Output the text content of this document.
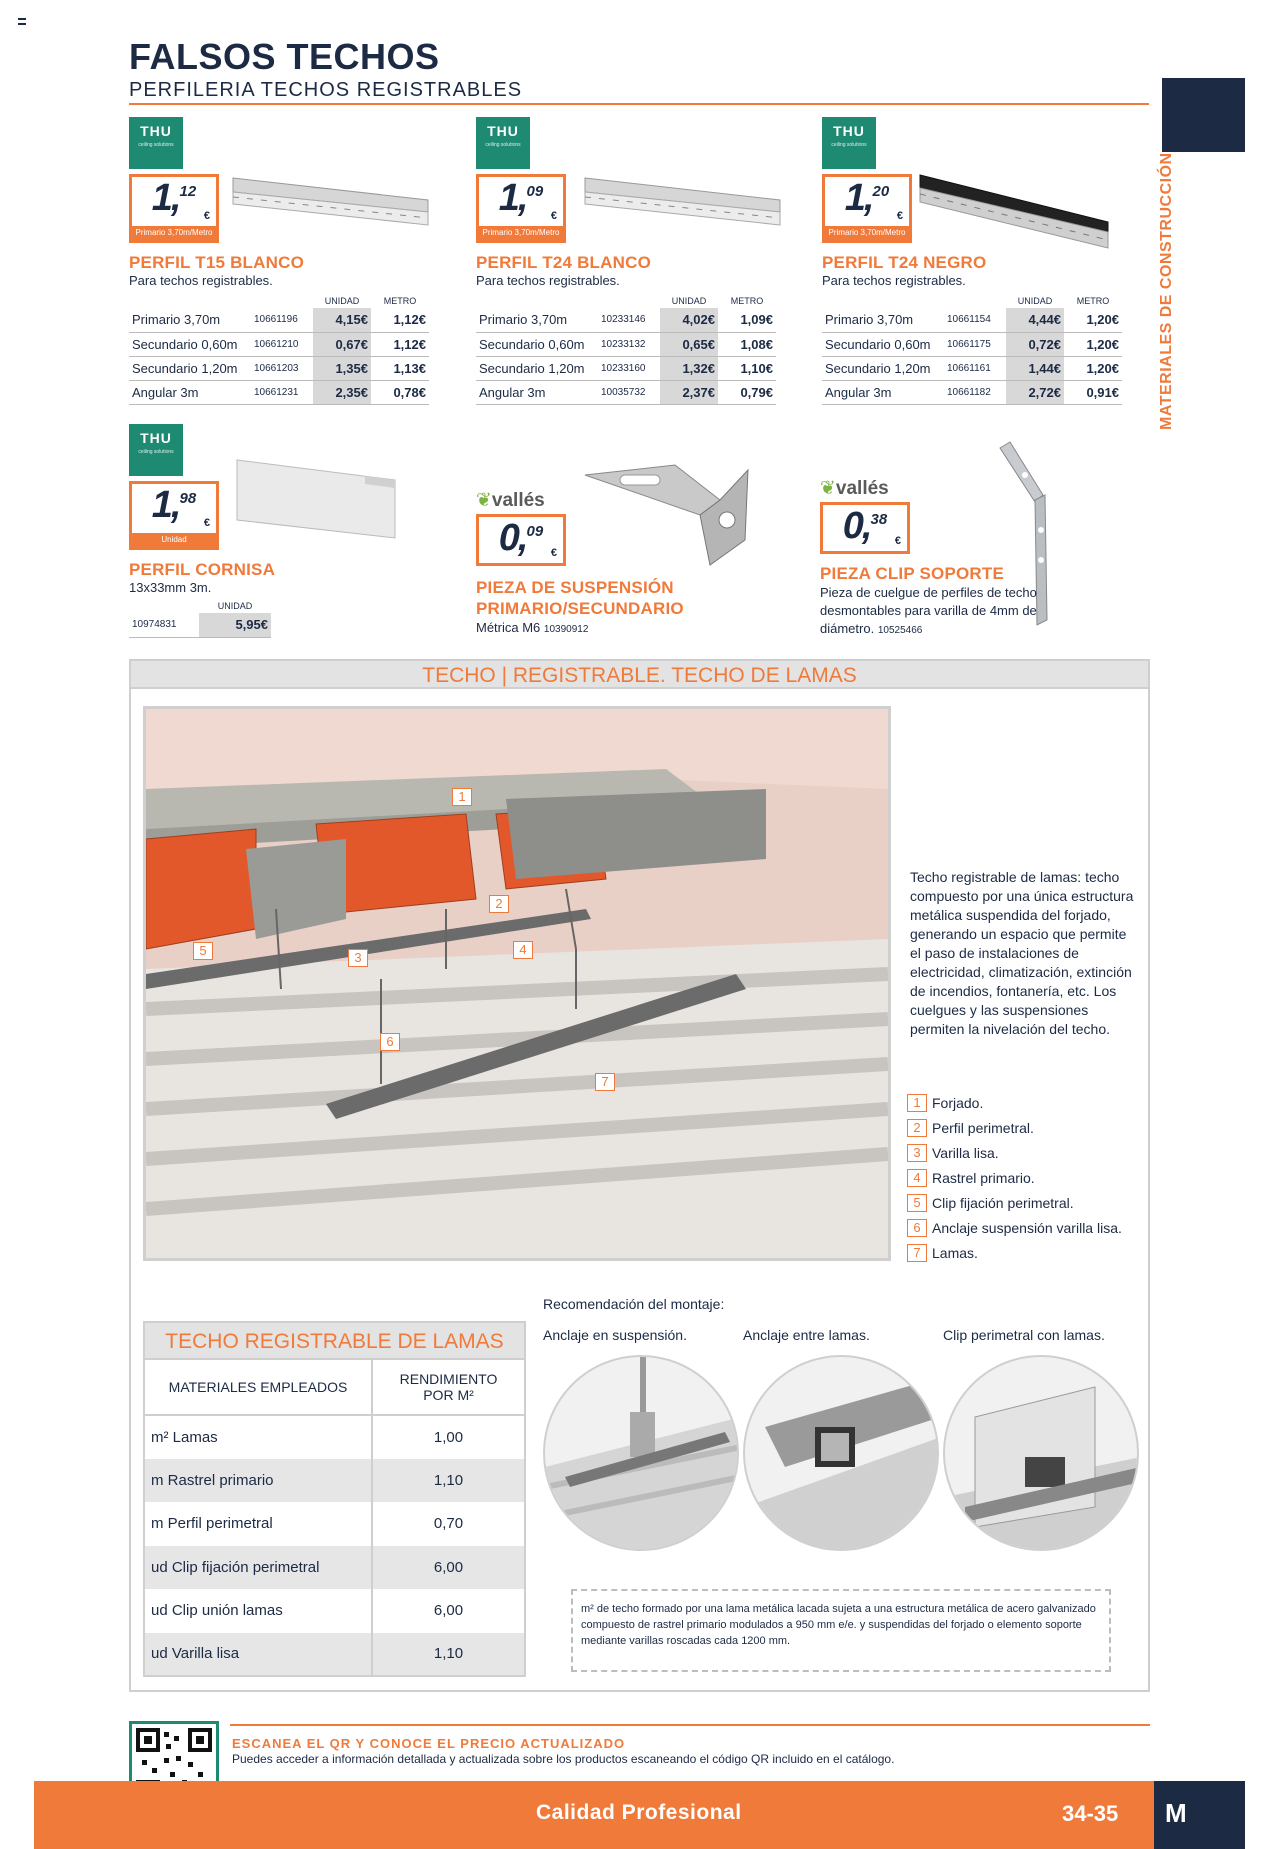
FALSOS TECHOS
PERFILERIA TECHOS REGISTRABLES
MATERIALES DE CONSTRUCCIÓN
THU
ceiling solutions
1,12
€
Primario 3,70m/Metro
PERFIL T15 BLANCO
Para techos registrables.
		UNIDAD	METRO
Primario 3,70m	10661196	4,15€	1,12€
Secundario 0,60m	10661210	0,67€	1,12€
Secundario 1,20m	10661203	1,35€	1,13€
Angular 3m	10661231	2,35€	0,78€
THU
ceiling solutions
1,09
€
Primario 3,70m/Metro
PERFIL T24 BLANCO
Para techos registrables.
		UNIDAD	METRO
Primario 3,70m	10233146	4,02€	1,09€
Secundario 0,60m	10233132	0,65€	1,08€
Secundario 1,20m	10233160	1,32€	1,10€
Angular 3m	10035732	2,37€	0,79€
THU
ceiling solutions
1,20
€
Primario 3,70m/Metro
PERFIL T24 NEGRO
Para techos registrables.
		UNIDAD	METRO
Primario 3,70m	10661154	4,44€	1,20€
Secundario 0,60m	10661175	0,72€	1,20€
Secundario 1,20m	10661161	1,44€	1,20€
Angular 3m	10661182	2,72€	0,91€
THU
ceiling solutions
1,98
€
Unidad
PERFIL CORNISA
13x33mm 3m.
	UNIDAD
10974831	5,95€
❦vallés
0,09
€
PIEZA DE SUSPENSIÓN
PRIMARIO/SECUNDARIO
Métrica M6 10390912
❦vallés
0,38
€
PIEZA CLIP SOPORTE
Pieza de cuelgue de perfiles de techo
desmontables para varilla de 4mm de
diámetro. 10525466
TECHO | REGISTRABLE. TECHO DE LAMAS
1
2
3
4
5
6
7
Techo registrable de lamas: techo compuesto por una única estructura metálica suspendida del forjado, generando un espacio que permite el paso de instalaciones de electricidad, climatización, extinción de incendios, fontanería, etc. Los cuelgues y las suspensiones permiten la nivelación del techo.
1 Forjado.
2 Perfil perimetral.
3 Varilla lisa.
4 Rastrel primario.
5 Clip fijación perimetral.
6 Anclaje suspensión varilla lisa.
7 Lamas.
TECHO REGISTRABLE DE LAMAS
MATERIALES EMPLEADOS	RENDIMIENTO
POR M²
m² Lamas	1,00
m Rastrel primario	1,10
m Perfil perimetral	0,70
ud Clip fijación perimetral	6,00
ud Clip unión lamas	6,00
ud Varilla lisa	1,10
Recomendación del montaje:
Anclaje en suspensión.	Anclaje entre lamas.	Clip perimetral con lamas.
m² de techo formado por una lama metálica lacada sujeta a una estructura metálica de acero galvanizado compuesto de rastrel primario modulados a 950 mm e/e. y suspendidas del forjado o elemento soporte mediante varillas roscadas cada 1200 mm.
ESCANEA EL QR Y CONOCE EL PRECIO ACTUALIZADO
Puedes acceder a información detallada y actualizada sobre los productos escaneando el código QR incluido en el catálogo.
Calidad Profesional	34-35 M
